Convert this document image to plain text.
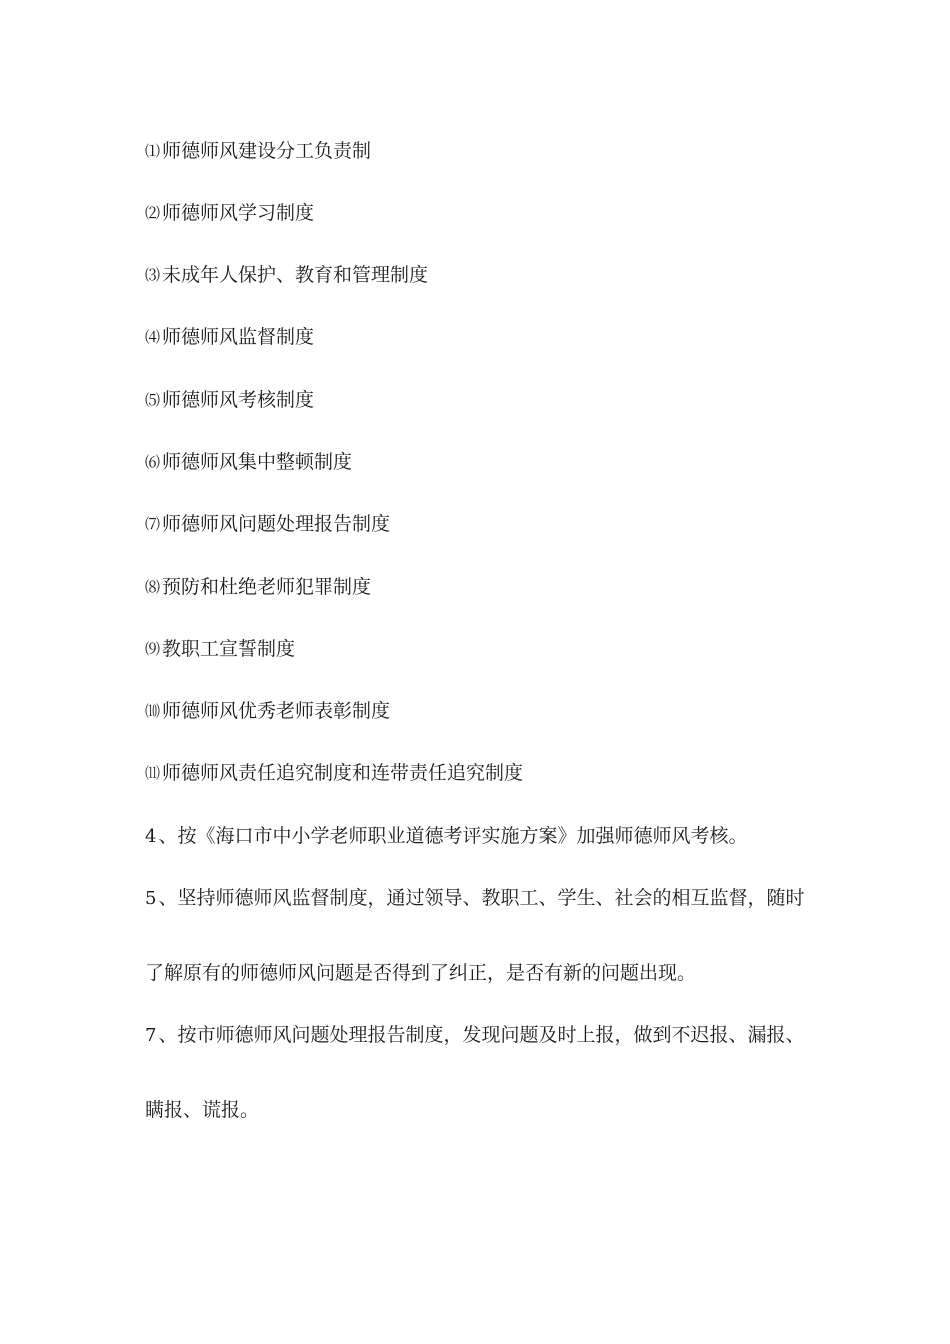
⑴ 师德师风建设分工负责制
⑵ 师德师风学习制度
⑶ 未成年人保护、教育和管理制度
⑷ 师德师风监督制度
⑸ 师德师风考核制度
⑹ 师德师风集中整顿制度
⑺ 师德师风问题处理报告制度
⑻ 预防和杜绝老师犯罪制度
⑼ 教职工宣誓制度
⑽ 师德师风优秀老师表彰制度
⑾ 师德师风责任追究制度和连带责任追究制度
4 、按《海口市中小学老师职业道德考评实施方案》加强师德师风考核。
5 、坚持师德师风监督制度，通过领导、教职工、学生、社会的相互监督，随时
了解原有的师德师风问题是否得到了纠正，是否有新的问题出现。
7 、按市师德师风问题处理报告制度，发现问题及时上报，做到不迟报、漏报、
瞒报、谎报。
